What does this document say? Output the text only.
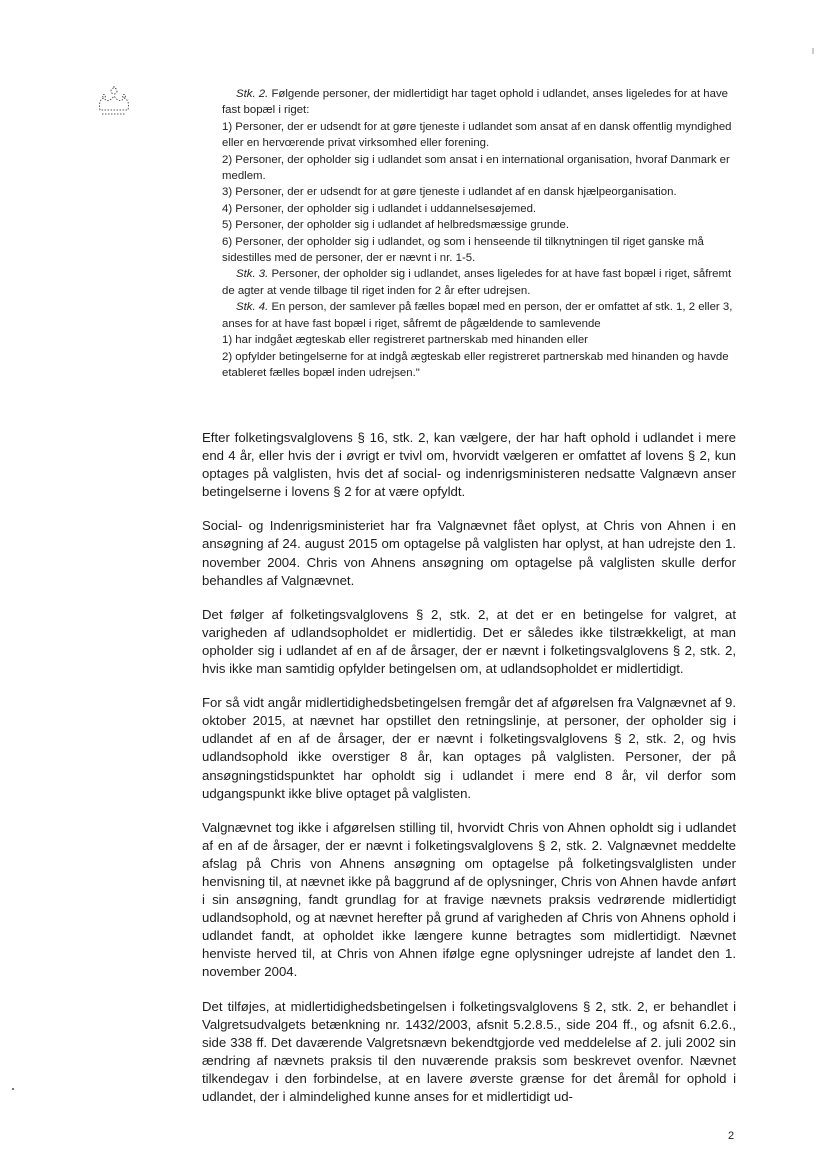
Stk. 2. Følgende personer, der midlertidigt har taget ophold i udlandet, anses ligeledes for at have fast bopæl i riget:

1) Personer, der er udsendt for at gøre tjeneste i udlandet som ansat af en dansk offentlig myndighed eller en hervœrende privat virksomhed eller forening.

2) Personer, der opholder sig i udlandet som ansat i en international organisation, hvoraf Danmark er medlem.

3) Personer, der er udsendt for at gøre tjeneste i udlandet af en dansk hjælpeorganisation.

4) Personer, der opholder sig i udlandet i uddannelsesøjemed.

5) Personer, der opholder sig i udlandet af helbredsmæssige grunde.

6) Personer, der opholder sig i udlandet, og som i henseende til tilknytningen til riget ganske må sidestilles med de personer, der er nævnt i nr. 1-5.

Stk. 3. Personer, der opholder sig i udlandet, anses ligeledes for at have fast bopæl i riget, såfremt de agter at vende tilbage til riget inden for 2 år efter udrejsen.

Stk. 4. En person, der samlever på fælles bopæl med en person, der er omfattet af stk. 1, 2 eller 3, anses for at have fast bopæl i riget, såfremt de pågældende to samlevende

1) har indgået ægteskab eller registreret partnerskab med hinanden eller

2) opfylder betingelserne for at indgå ægteskab eller registreret partnerskab med hinanden og havde etableret fælles bopæl inden udrejsen."

Efter folketingsvalglovens § 16, stk. 2, kan vælgere, der har haft ophold i udlandet i mere end 4 år, eller hvis der i øvrigt er tvivl om, hvorvidt vælgeren er omfattet af lovens § 2, kun optages på valglisten, hvis det af social- og indenrigsministeren nedsatte Valgnævn anser betingelserne i lovens § 2 for at være opfyldt.

Social- og Indenrigsministeriet har fra Valgnævnet fået oplyst, at Chris von Ahnen i en ansøgning af 24. august 2015 om optagelse på valglisten har oplyst, at han udrejste den 1. november 2004. Chris von Ahnens ansøgning om optagelse på valglisten skulle derfor behandles af Valgnævnet.

Det følger af folketingsvalglovens § 2, stk. 2, at det er en betingelse for valgret, at varigheden af udlandsopholdet er midlertidig. Det er således ikke tilstrækkeligt, at man opholder sig i udlandet af en af de årsager, der er nævnt i folketingsvalglovens § 2, stk. 2, hvis ikke man samtidig opfylder betingelsen om, at udlandsopholdet er midlertidigt.

For så vidt angår midlertidighedsbetingelsen fremgår det af afgørelsen fra Valgnævnet af 9. oktober 2015, at nævnet har opstillet den retningslinje, at personer, der opholder sig i udlandet af en af de årsager, der er nævnt i folketingsvalglovens § 2, stk. 2, og hvis udlandsophold ikke overstiger 8 år, kan optages på valglisten. Personer, der på ansøgningstidspunktet har opholdt sig i udlandet i mere end 8 år, vil derfor som udgangspunkt ikke blive optaget på valglisten.

Valgnævnet tog ikke i afgørelsen stilling til, hvorvidt Chris von Ahnen opholdt sig i udlandet af en af de årsager, der er nævnt i folketingsvalglovens § 2, stk. 2. Valgnævnet meddelte afslag på Chris von Ahnens ansøgning om optagelse på folketingsvalglisten under henvisning til, at nævnet ikke på baggrund af de oplysninger, Chris von Ahnen havde anført i sin ansøgning, fandt grundlag for at fravige nævnets praksis vedrørende midlertidigt udlandsophold, og at nævnet herefter på grund af varigheden af Chris von Ahnens ophold i udlandet fandt, at opholdet ikke længere kunne betragtes som midlertidigt. Nævnet henviste herved til, at Chris von Ahnen ifølge egne oplysninger udrejste af landet den 1. november 2004.

Det tilføjes, at midlertidighedsbetingelsen i folketingsvalglovens § 2, stk. 2, er behandlet i Valgretsudvalgets betænkning nr. 1432/2003, afsnit 5.2.8.5., side 204 ff., og afsnit 6.2.6., side 338 ff. Det daværende Valgretsnævn bekendtgjorde ved meddelelse af 2. juli 2002 sin ændring af nævnets praksis til den nuværende praksis som beskrevet ovenfor. Nævnet tilkendegav i den forbindelse, at en lavere øverste grænse for det åremål for ophold i udlandet, der i almindelighed kunne anses for et midlertidigt ud-

2
